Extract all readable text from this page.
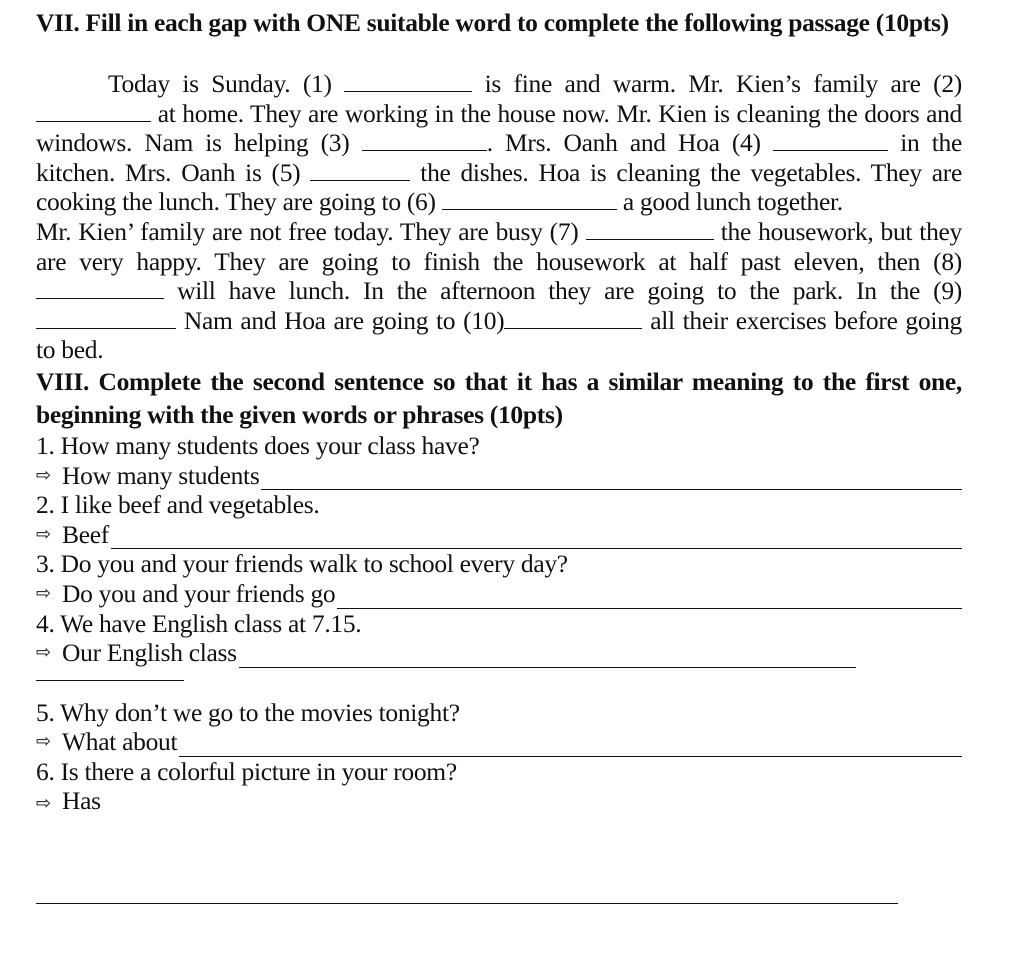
VII. Fill in each gap with ONE suitable word to complete the following passage (10pts)
Today is Sunday. (1)	is fine and warm. Mr. Kien’s family are (2) at home. They are working in the house now. Mr. Kien is cleaning the doors and windows. Nam is helping (3)	. Mrs. Oanh and Hoa (4)	in the kitchen. Mrs. Oanh is (5)	the dishes. Hoa is cleaning the vegetables. They are cooking the lunch. They are going to (6)	a good lunch together.
Mr. Kien’ family are not free today. They are busy (7)	the housework, but they are very happy. They are going to finish the housework at half past eleven, then (8)  will have lunch. In the afternoon they are going to the park. In the (9) Nam and Hoa are going to (10)	all their exercises before going to bed.
VIII. Complete the second sentence so that it has a similar meaning to the first one, beginning with the given words or phrases (10pts)
1. How many students does your class have?
⇨ How many students
2. I like beef and vegetables.
⇨ Beef
3. Do you and your friends walk to school every day?
⇨ Do you and your friends go
4. We have English class at 7.15.
⇨ Our English class
5. Why don’t we go to the movies tonight?
⇨ What about
6. Is there a colorful picture in your room?
⇨ Has
